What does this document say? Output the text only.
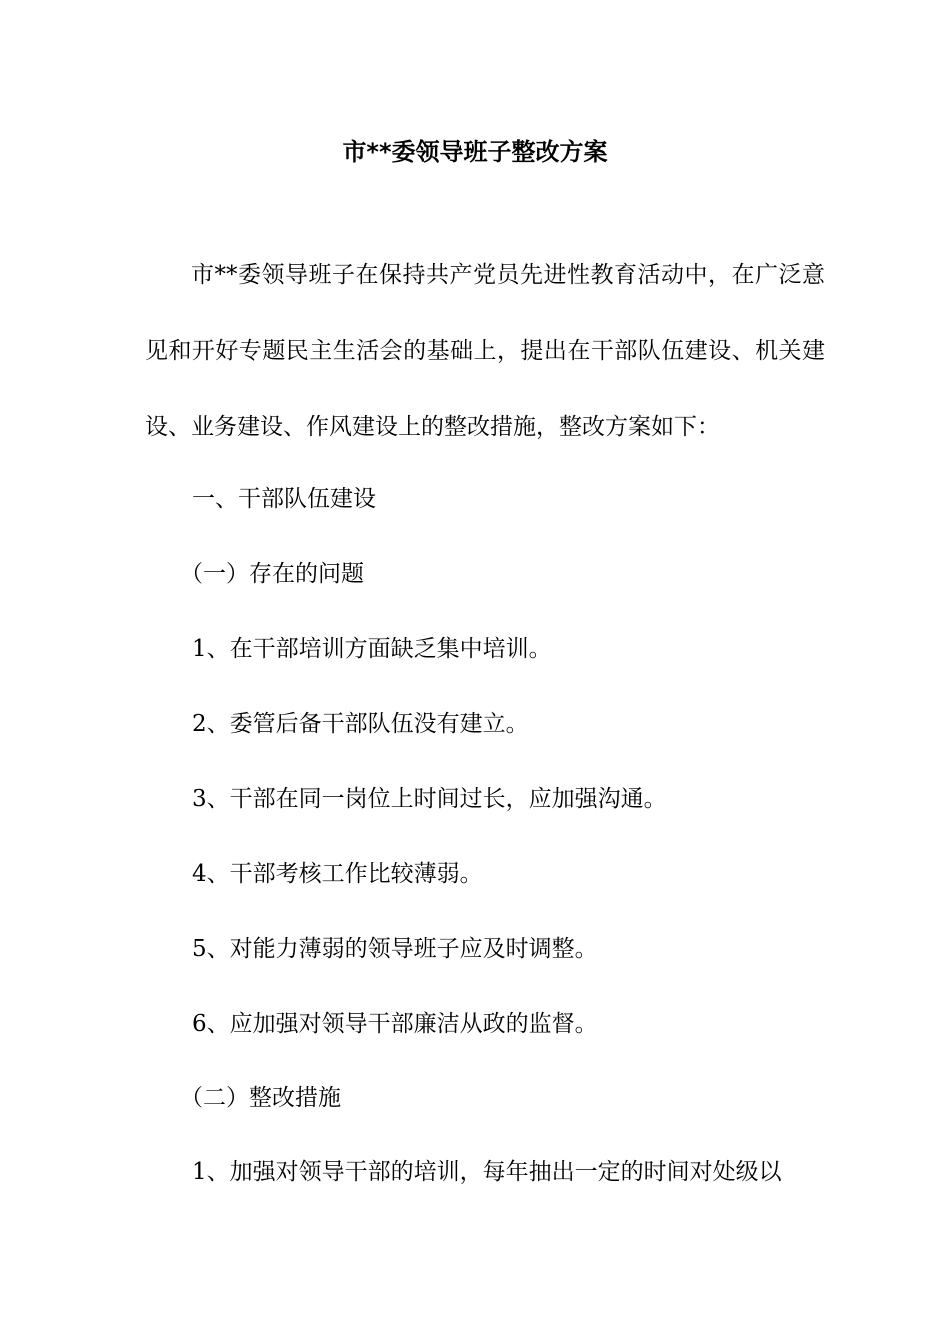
市**委领导班子整改方案

市**委领导班子在保持共产党员先进性教育活动中，在广泛意见和开好专题民主生活会的基础上，提出在干部队伍建设、机关建设、业务建设、作风建设上的整改措施，整改方案如下：

一、干部队伍建设

（一）存在的问题

1、在干部培训方面缺乏集中培训。

2、委管后备干部队伍没有建立。

3、干部在同一岗位上时间过长，应加强沟通。

4、干部考核工作比较薄弱。

5、对能力薄弱的领导班子应及时调整。

6、应加强对领导干部廉洁从政的监督。

（二）整改措施

1、加强对领导干部的培训，每年抽出一定的时间对处级以
